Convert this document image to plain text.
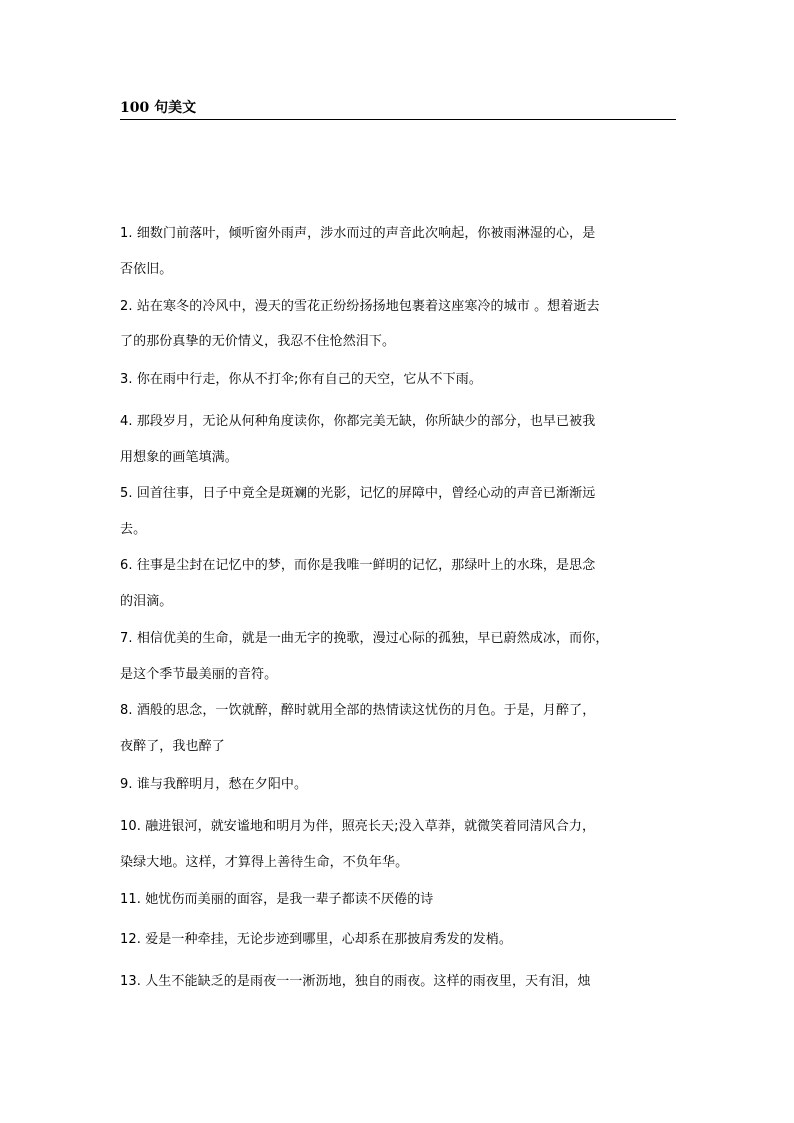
100 句美文
1. 细数门前落叶，倾听窗外雨声，涉水而过的声音此次响起，你被雨淋湿的心，是
否依旧。
2. 站在寒冬的冷风中，漫天的雪花正纷纷扬扬地包裹着这座寒冷的城市 。想着逝去
了的那份真挚的无价情义，我忍不住怆然泪下。
3. 你在雨中行走，你从不打伞;你有自己的天空，它从不下雨。
4. 那段岁月，无论从何种角度读你，你都完美无缺，你所缺少的部分，也早已被我
用想象的画笔填满。
5. 回首往事，日子中竟全是斑斓的光影，记忆的屏障中，曾经心动的声音已渐渐远
去。
6. 往事是尘封在记忆中的梦，而你是我唯一鲜明的记忆，那绿叶上的水珠，是思念
的泪滴。
7. 相信优美的生命，就是一曲无字的挽歌，漫过心际的孤独，早已蔚然成冰，而你，
是这个季节最美丽的音符。
8. 酒般的思念，一饮就醉，醉时就用全部的热情读这忧伤的月色。于是，月醉了，
夜醉了，我也醉了
9. 谁与我醉明月，愁在夕阳中。
10. 融进银河，就安谧地和明月为伴，照亮长天;没入草莽，就微笑着同清风合力，
染绿大地。这样，才算得上善待生命，不负年华。
11. 她忧伤而美丽的面容，是我一辈子都读不厌倦的诗
12. 爱是一种牵挂，无论步迹到哪里，心却系在那披肩秀发的发梢。
13. 人生不能缺乏的是雨夜一一淅沥地，独自的雨夜。这样的雨夜里，天有泪，烛
